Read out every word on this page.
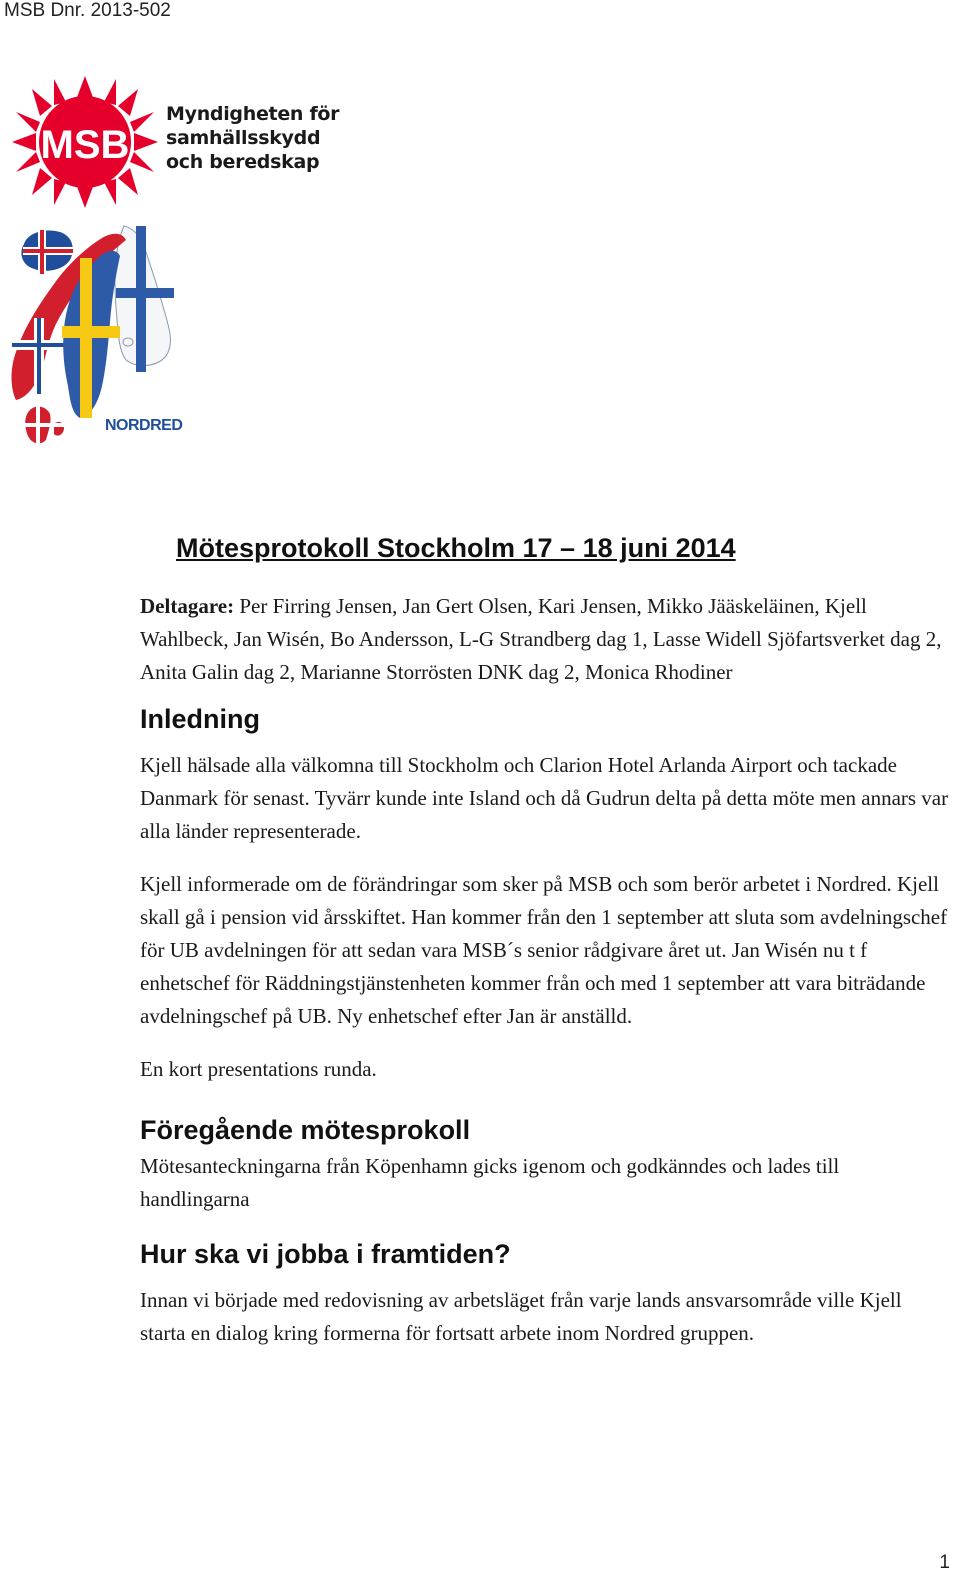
MSB Dnr. 2013-502
MSB
Myndigheten för
samhällsskydd
och beredskap
NORDRED
Mötesprotokoll Stockholm 17 – 18 juni 2014

Deltagare: Per Firring Jensen, Jan Gert Olsen, Kari Jensen, Mikko Jääskeläinen, Kjell Wahlbeck, Jan Wisén, Bo Andersson, L-G Strandberg dag 1, Lasse Widell Sjöfartsverket dag 2, Anita Galin dag 2, Marianne Storrösten DNK dag 2, Monica Rhodiner

Inledning

Kjell hälsade alla välkomna till Stockholm och Clarion Hotel Arlanda Airport och tackade Danmark för senast. Tyvärr kunde inte Island och då Gudrun delta på detta möte men annars var alla länder representerade.

Kjell informerade om de förändringar som sker på MSB och som berör arbetet i Nordred. Kjell skall gå i pension vid årsskiftet. Han kommer från den 1 september att sluta som avdelningschef för UB avdelningen för att sedan vara MSB´s senior rådgivare året ut. Jan Wisén nu t f enhetschef för Räddningstjänstenheten kommer från och med 1 september att vara biträdande avdelningschef på UB. Ny enhetschef efter Jan är anställd.

En kort presentations runda.

Föregående mötesprokoll

Mötesanteckningarna från Köpenhamn gicks igenom och godkänndes och lades till handlingarna

Hur ska vi jobba i framtiden?

Innan vi började med redovisning av arbetsläget från varje lands ansvarsområde ville Kjell starta en dialog kring formerna för fortsatt arbete inom Nordred gruppen.

1
